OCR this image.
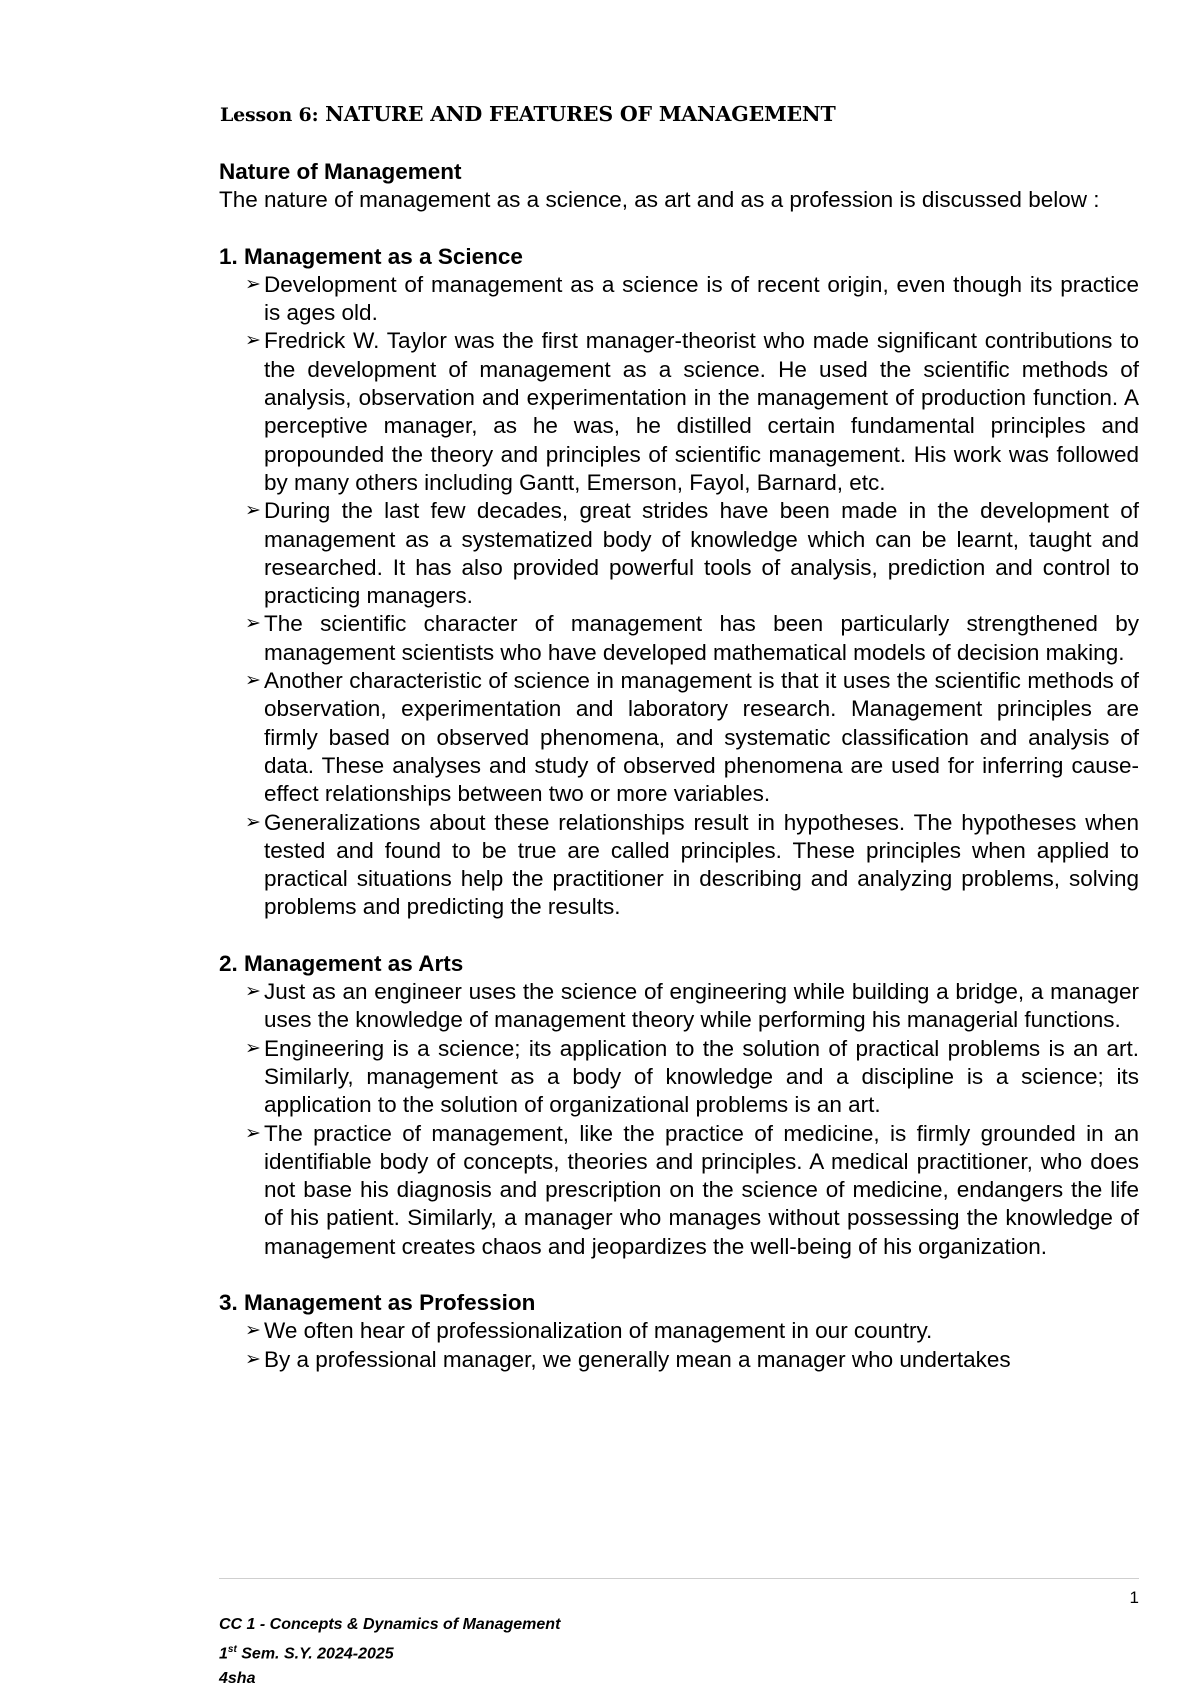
Lesson 6: NATURE AND FEATURES OF MANAGEMENT

Nature of Management

The nature of management as a science, as art and as a profession is discussed below :

1. Management as a Science

➢ Development of management as a science is of recent origin, even though its practice is ages old.
➢ Fredrick W. Taylor was the first manager-theorist who made significant contributions to the development of management as a science. He used the scientific methods of analysis, observation and experimentation in the management of production function. A perceptive manager, as he was, he distilled certain fundamental principles and propounded the theory and principles of scientific management. His work was followed by many others including Gantt, Emerson, Fayol, Barnard, etc.
➢ During the last few decades, great strides have been made in the development of management as a systematized body of knowledge which can be learnt, taught and researched. It has also provided powerful tools of analysis, prediction and control to practicing managers.
➢ The scientific character of management has been particularly strengthened by management scientists who have developed mathematical models of decision making.
➢ Another characteristic of science in management is that it uses the scientific methods of observation, experimentation and laboratory research. Management principles are firmly based on observed phenomena, and systematic classification and analysis of data. These analyses and study of observed phenomena are used for inferring cause-effect relationships between two or more variables.
➢ Generalizations about these relationships result in hypotheses. The hypotheses when tested and found to be true are called principles. These principles when applied to practical situations help the practitioner in describing and analyzing problems, solving problems and predicting the results.

2. Management as Arts

➢ Just as an engineer uses the science of engineering while building a bridge, a manager uses the knowledge of management theory while performing his managerial functions.
➢ Engineering is a science; its application to the solution of practical problems is an art. Similarly, management as a body of knowledge and a discipline is a science; its application to the solution of organizational problems is an art.
➢ The practice of management, like the practice of medicine, is firmly grounded in an identifiable body of concepts, theories and principles. A medical practitioner, who does not base his diagnosis and prescription on the science of medicine, endangers the life of his patient. Similarly, a manager who manages without possessing the knowledge of management creates chaos and jeopardizes the well-being of his organization.

3. Management as Profession

➢ We often hear of professionalization of management in our country.
➢ By a professional manager, we generally mean a manager who undertakes
1
CC 1 - Concepts & Dynamics of Management
1st Sem. S.Y. 2024-2025
4sha
